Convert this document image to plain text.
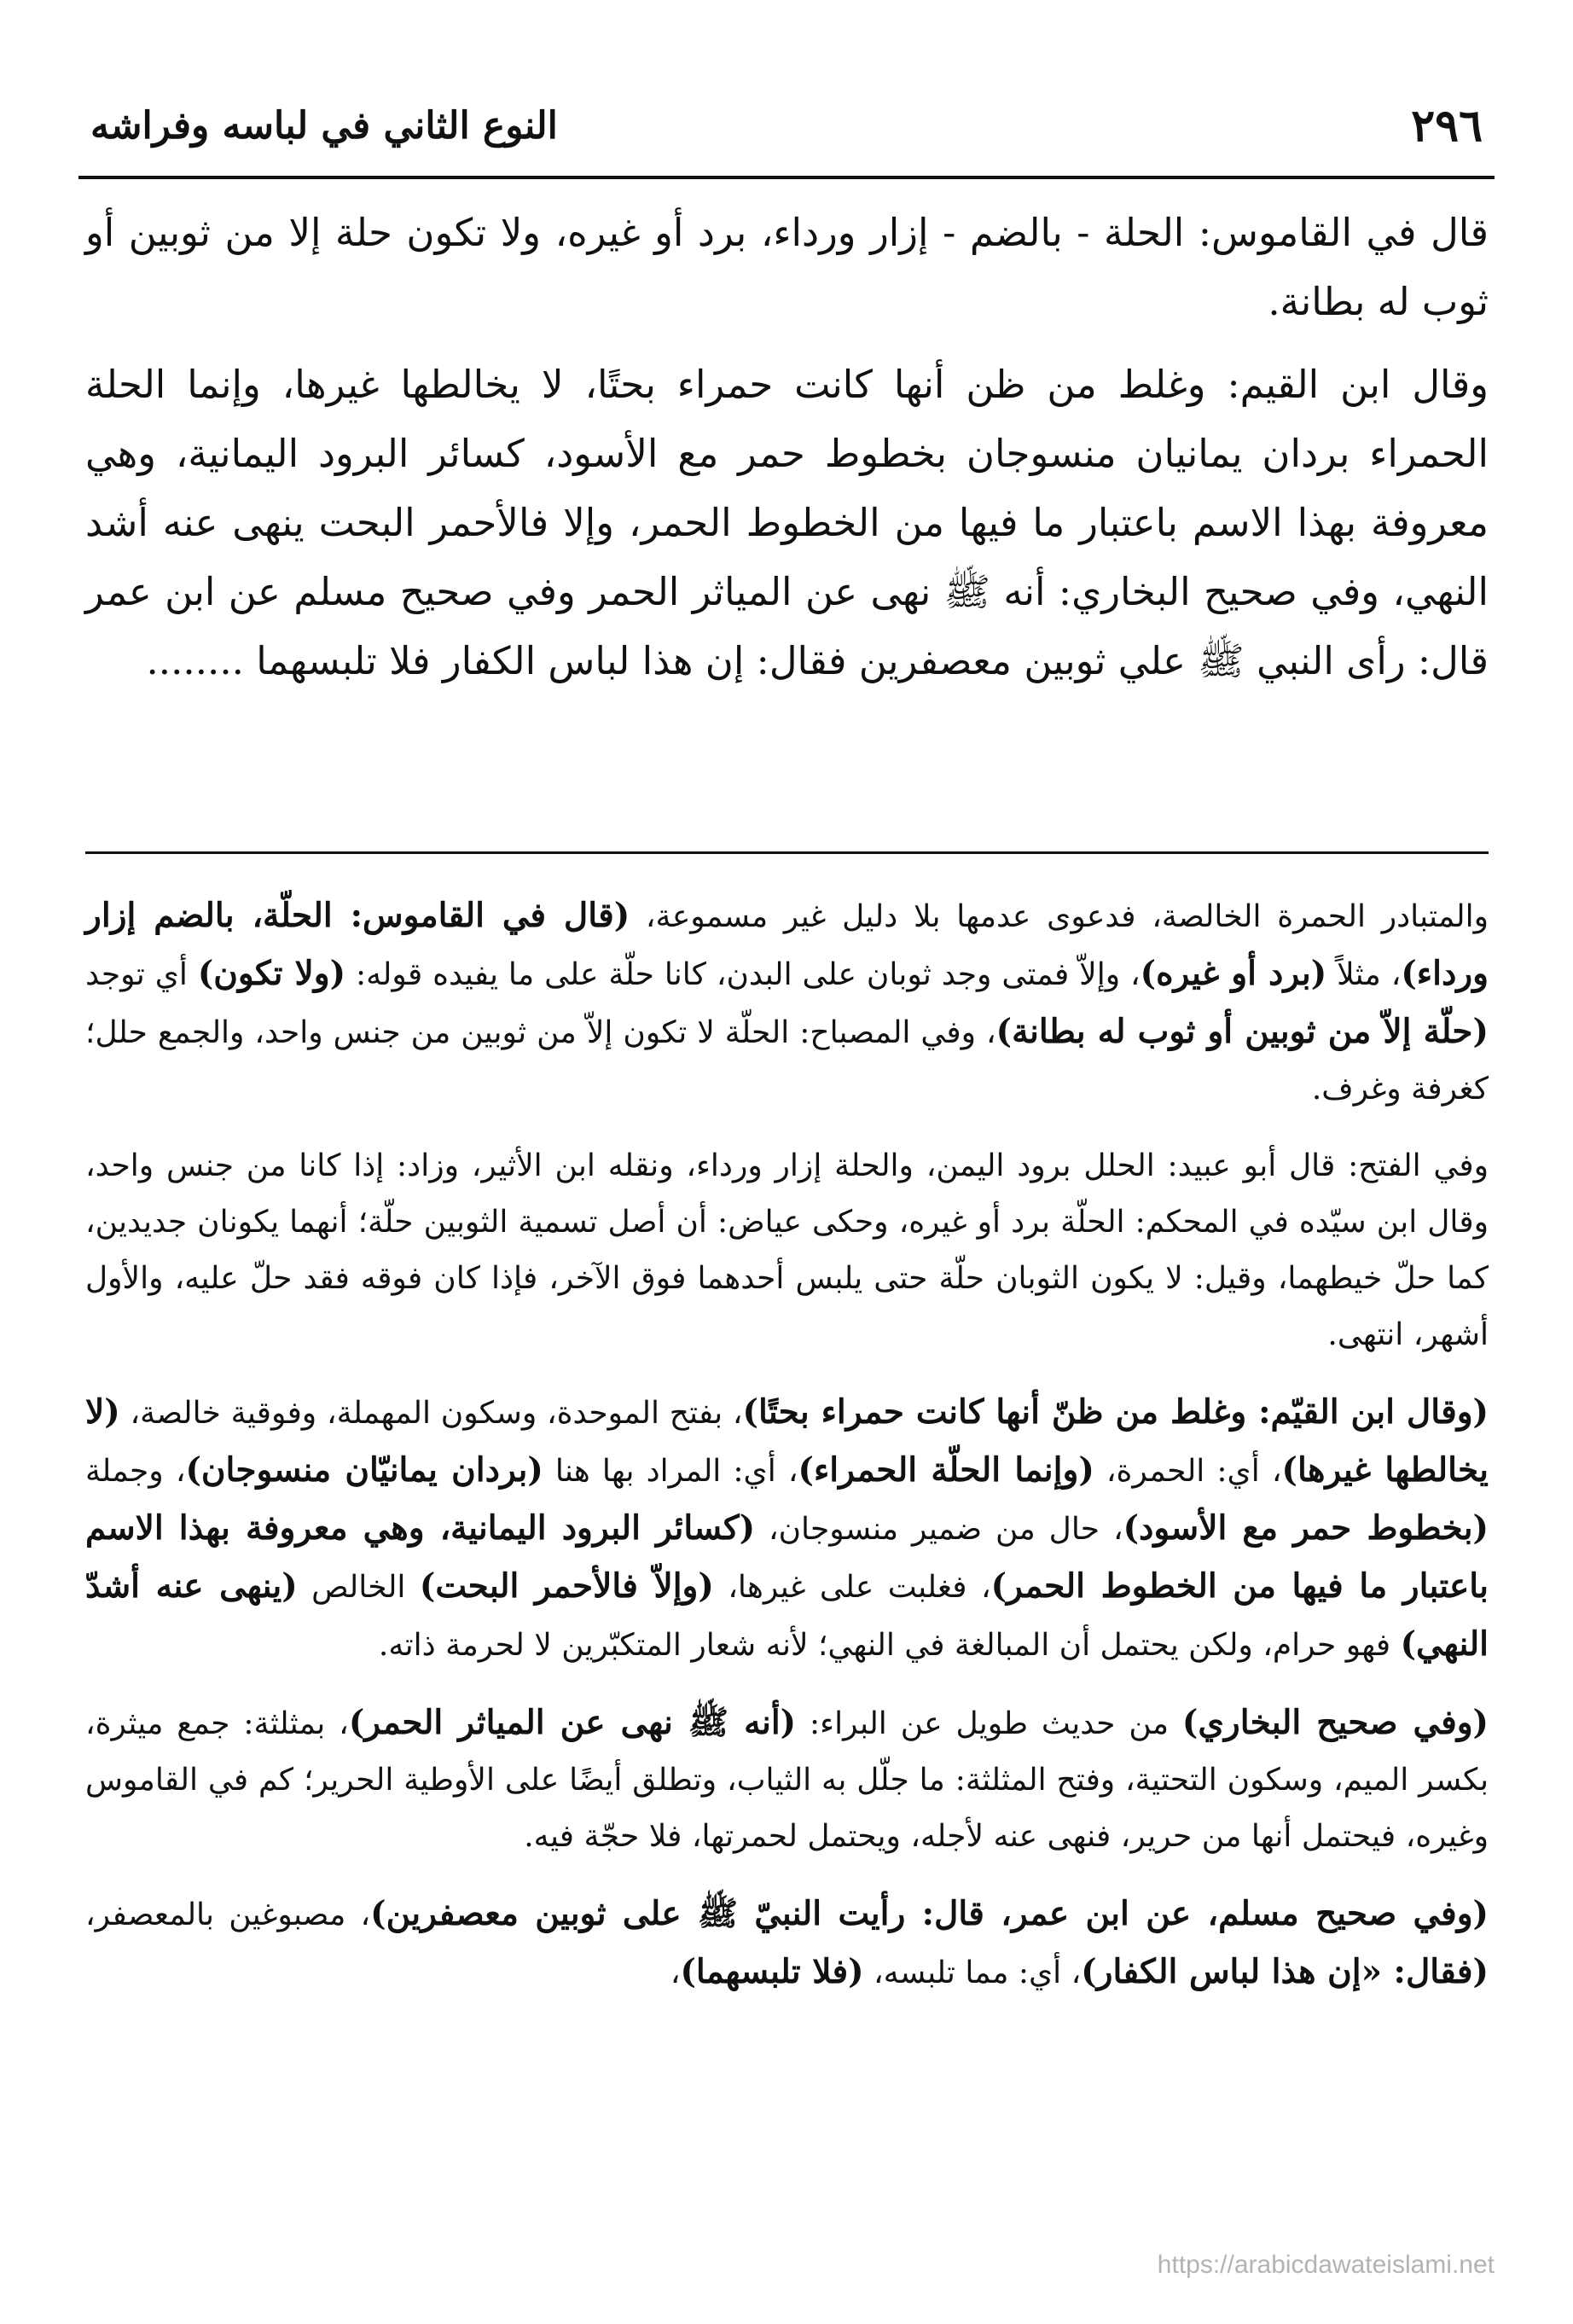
٢٩٦
النوع الثاني في لباسه وفراشه

قال في القاموس: الحلة - بالضم - إزار ورداء، برد أو غيره، ولا تكون حلة إلا من ثوبين أو ثوب له بطانة.

وقال ابن القيم: وغلط من ظن أنها كانت حمراء بحتًا، لا يخالطها غيرها، وإنما الحلة الحمراء بردان يمانيان منسوجان بخطوط حمر مع الأسود، كسائر البرود اليمانية، وهي معروفة بهذا الاسم باعتبار ما فيها من الخطوط الحمر، وإلا فالأحمر البحت ينهى عنه أشد النهي، وفي صحيح البخاري: أنه ﷺ نهى عن المياثر الحمر وفي صحيح مسلم عن ابن عمر قال: رأى النبي ﷺ علي ثوبين معصفرين فقال: إن هذا لباس الكفار فلا تلبسهما ........

والمتبادر الحمرة الخالصة، فدعوى عدمها بلا دليل غير مسموعة، (قال في القاموس: الحلّة، بالضم إزار ورداء)، مثلاً (برد أو غيره)، وإلاّ فمتى وجد ثوبان على البدن، كانا حلّة على ما يفيده قوله: (ولا تكون) أي توجد (حلّة إلاّ من ثوبين أو ثوب له بطانة)، وفي المصباح: الحلّة لا تكون إلاّ من ثوبين من جنس واحد، والجمع حلل؛ كغرفة وغرف.

وفي الفتح: قال أبو عبيد: الحلل برود اليمن، والحلة إزار ورداء، ونقله ابن الأثير، وزاد: إذا كانا من جنس واحد، وقال ابن سيّده في المحكم: الحلّة برد أو غيره، وحكى عياض: أن أصل تسمية الثوبين حلّة؛ أنهما يكونان جديدين، كما حلّ خيطهما، وقيل: لا يكون الثوبان حلّة حتى يلبس أحدهما فوق الآخر، فإذا كان فوقه فقد حلّ عليه، والأول أشهر، انتهى.

(وقال ابن القيّم: وغلط من ظنّ أنها كانت حمراء بحتًا)، بفتح الموحدة، وسكون المهملة، وفوقية خالصة، (لا يخالطها غيرها)، أي: الحمرة، (وإنما الحلّة الحمراء)، أي: المراد بها هنا (بردان يمانيّان منسوجان)، وجملة (بخطوط حمر مع الأسود)، حال من ضمير منسوجان، (كسائر البرود اليمانية، وهي معروفة بهذا الاسم باعتبار ما فيها من الخطوط الحمر)، فغلبت على غيرها، (وإلاّ فالأحمر البحت) الخالص (ينهى عنه أشدّ النهي) فهو حرام، ولكن يحتمل أن المبالغة في النهي؛ لأنه شعار المتكبّرين لا لحرمة ذاته.

(وفي صحيح البخاري) من حديث طويل عن البراء: (أنه ﷺ نهى عن المياثر الحمر)، بمثلثة: جمع ميثرة، بكسر الميم، وسكون التحتية، وفتح المثلثة: ما جلّل به الثياب، وتطلق أيضًا على الأوطية الحرير؛ كم في القاموس وغيره، فيحتمل أنها من حرير، فنهى عنه لأجله، ويحتمل لحمرتها، فلا حجّة فيه.

(وفي صحيح مسلم، عن ابن عمر، قال: رأيت النبيّ ﷺ على ثوبين معصفرين)، مصبوغين بالمعصفر، (فقال: «إن هذا لباس الكفار)، أي: مما تلبسه، (فلا تلبسهما)،

https://arabicdawateislami.net
